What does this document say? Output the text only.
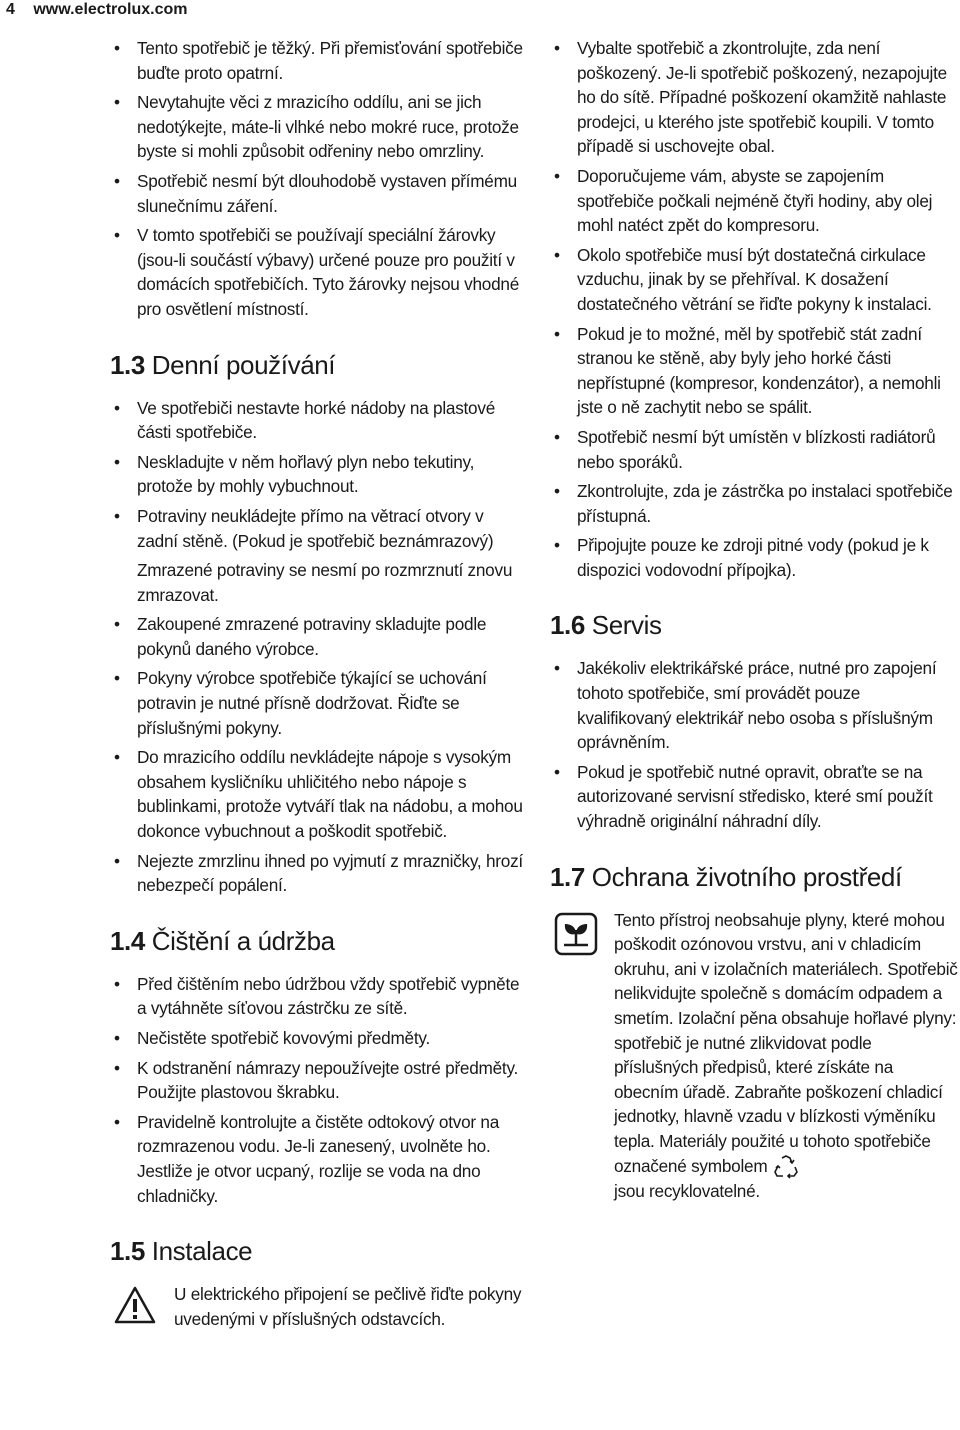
4 www.electrolux.com
• Tento spotřebič je těžký. Při přemisťování spotřebiče buďte proto opatrní.
• Nevytahujte věci z mrazicího oddílu, ani se jich nedotýkejte, máte-li vlhké nebo mokré ruce, protože byste si mohli způsobit odřeniny nebo omrzliny.
• Spotřebič nesmí být dlouhodobě vystaven přímému slunečnímu záření.
• V tomto spotřebiči se používají speciální žárovky (jsou-li součástí výbavy) určené pouze pro použití v domácích spotřebičích. Tyto žárovky nejsou vhodné pro osvětlení místností.
1.3 Denní používání
• Ve spotřebiči nestavte horké nádoby na plastové části spotřebiče.
• Neskladujte v něm hořlavý plyn nebo tekutiny, protože by mohly vybuchnout.
• Potraviny neukládejte přímo na větrací otvory v zadní stěně. (Pokud je spotřebič beznámrazový)
Zmrazené potraviny se nesmí po rozmrznutí znovu zmrazovat.
• Zakoupené zmrazené potraviny skladujte podle pokynů daného výrobce.
• Pokyny výrobce spotřebiče týkající se uchování potravin je nutné přísně dodržovat. Řiďte se příslušnými pokyny.
• Do mrazicího oddílu nevkládejte nápoje s vysokým obsahem kysličníku uhličitého nebo nápoje s bublinkami, protože vytváří tlak na nádobu, a mohou dokonce vybuchnout a poškodit spotřebič.
• Nejezte zmrzlinu ihned po vyjmutí z mrazničky, hrozí nebezpečí popálení.
1.4 Čištění a údržba
• Před čištěním nebo údržbou vždy spotřebič vypněte a vytáhněte síťovou zástrčku ze sítě.
• Nečistěte spotřebič kovovými předměty.
• K odstranění námrazy nepoužívejte ostré předměty. Použijte plastovou škrabku.
• Pravidelně kontrolujte a čistěte odtokový otvor na rozmrazenou vodu. Je-li zanesený, uvolněte ho. Jestliže je otvor ucpaný, rozlije se voda na dno chladničky.
1.5 Instalace
U elektrického připojení se pečlivě řiďte pokyny uvedenými v příslušných odstavcích.
• Vybalte spotřebič a zkontrolujte, zda není poškozený. Je-li spotřebič poškozený, nezapojujte ho do sítě. Případné poškození okamžitě nahlaste prodejci, u kterého jste spotřebič koupili. V tomto případě si uschovejte obal.
• Doporučujeme vám, abyste se zapojením spotřebiče počkali nejméně čtyři hodiny, aby olej mohl natéct zpět do kompresoru.
• Okolo spotřebiče musí být dostatečná cirkulace vzduchu, jinak by se přehříval. K dosažení dostatečného větrání se řiďte pokyny k instalaci.
• Pokud je to možné, měl by spotřebič stát zadní stranou ke stěně, aby byly jeho horké části nepřístupné (kompresor, kondenzátor), a nemohli jste o ně zachytit nebo se spálit.
• Spotřebič nesmí být umístěn v blízkosti radiátorů nebo sporáků.
• Zkontrolujte, zda je zástrčka po instalaci spotřebiče přístupná.
• Připojujte pouze ke zdroji pitné vody (pokud je k dispozici vodovodní přípojka).
1.6 Servis
• Jakékoliv elektrikářské práce, nutné pro zapojení tohoto spotřebiče, smí provádět pouze kvalifikovaný elektrikář nebo osoba s příslušným oprávněním.
• Pokud je spotřebič nutné opravit, obraťte se na autorizované servisní středisko, které smí použít výhradně originální náhradní díly.
1.7 Ochrana životního prostředí
Tento přístroj neobsahuje plyny, které mohou poškodit ozónovou vrstvu, ani v chladicím okruhu, ani v izolačních materiálech. Spotřebič nelikvidujte společně s domácím odpadem a smetím. Izolační pěna obsahuje hořlavé plyny: spotřebič je nutné zlikvidovat podle příslušných předpisů, které získáte na obecním úřadě. Zabraňte poškození chladicí jednotky, hlavně vzadu v blízkosti výměníku tepla. Materiály použité u tohoto spotřebiče označené symbolem

jsou recyklovatelné.
